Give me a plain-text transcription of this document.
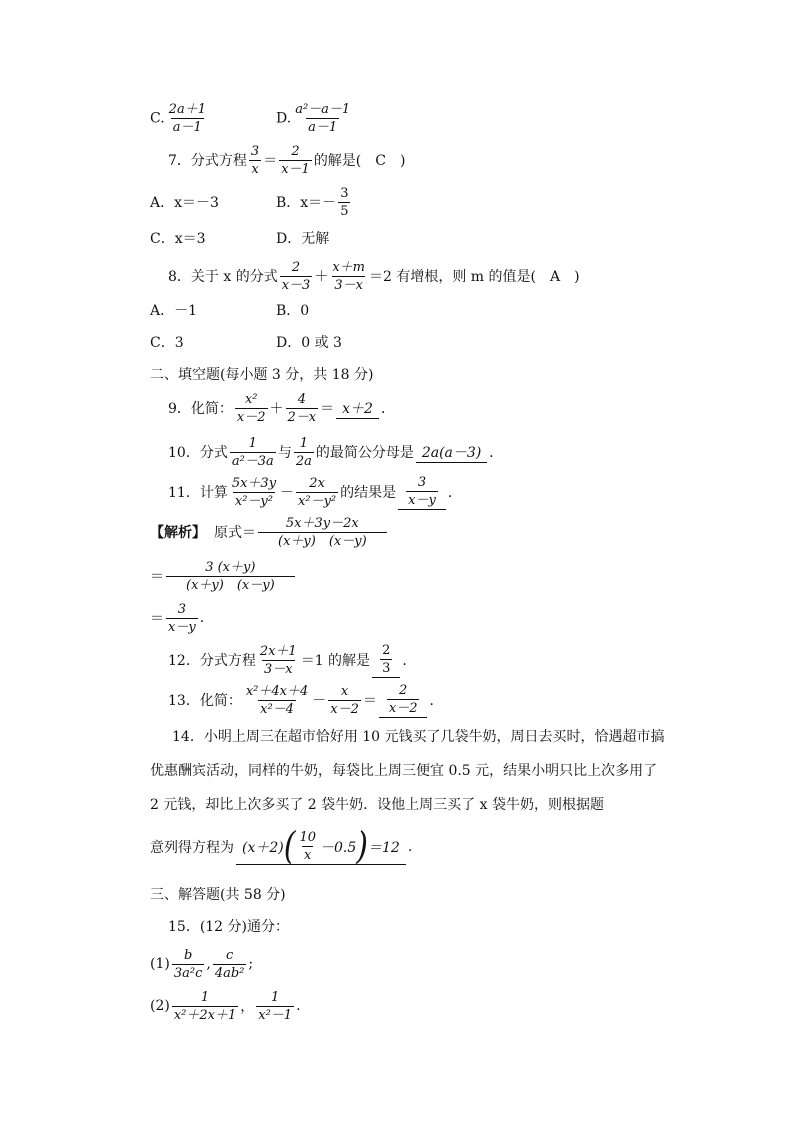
C. $\frac{2a+1}{a-1}$	D. $\frac{\text{a²－a－1}}{a-1}$
7．分式方程 $\frac{3}{x} = \frac{2}{x-1}$ 的解是(　C　)
A．x＝－3	B．$x=- \frac{3}{5}$
C．x＝3	D．无解
8．关于 x 的分式 $\frac{2}{x-3} + \frac{x+m}{3-x} =2$ 有增根，则 m 的值是(　A　)
A．－1	B．0
C．3	D．0 或 3
二、填空题(每小题 3 分，共 18 分)
9．化简： $\frac{\text{x²}}{x-2} + \frac{4}{2-x} = x+2$ ．
10．分式 $\frac{1}{\text{a²－3a}}$ 与 $\frac{1}{2a}$ 的最简公分母是 2a(a－3) ．
11．计算 $\frac{5x+3y}{\text{x²－y²}} - \frac{2x}{\text{x²－y²}}$ 的结果是 $\frac{3}{x-y}$ ．
【解析】 原式＝ $\frac{5x+3y-2x}{(x+y) (x-y)}$
＝ $\frac{3 (x+y)}{(x+y) (x-y)}$
＝ $\frac{3}{x-y}$ .
12．分式方程 $\frac{2x+1}{3-x} =1$ 的解是 $\frac{2}{3}$ ．
13．化简： $\frac{\text{x²＋4x＋4}}{\text{x²－4}} - \frac{x}{x-2} = \frac{2}{x-2}$ ．
14．小明上周三在超市恰好用 10 元钱买了几袋牛奶，周日去买时，恰遇超市搞优惠酬宾活动，同样的牛奶，每袋比上周三便宜 0.5 元，结果小明只比上次多用了 2 元钱，却比上次多买了 2 袋牛奶．设他上周三买了 x 袋牛奶，则根据题
意列得方程为 (x＋2) ( $\frac{10}{x} -0.5$ ) ＝12 .
三、解答题(共 58 分)
15．(12 分)通分：
$(1) \frac{b}{\text{3a²c}}$ , $\frac{c}{\text{4ab²}}$ ;
$(2) \frac{1}{\text{x²＋2x＋1}}$ ， $\frac{1}{\text{x²－1}}$ .
